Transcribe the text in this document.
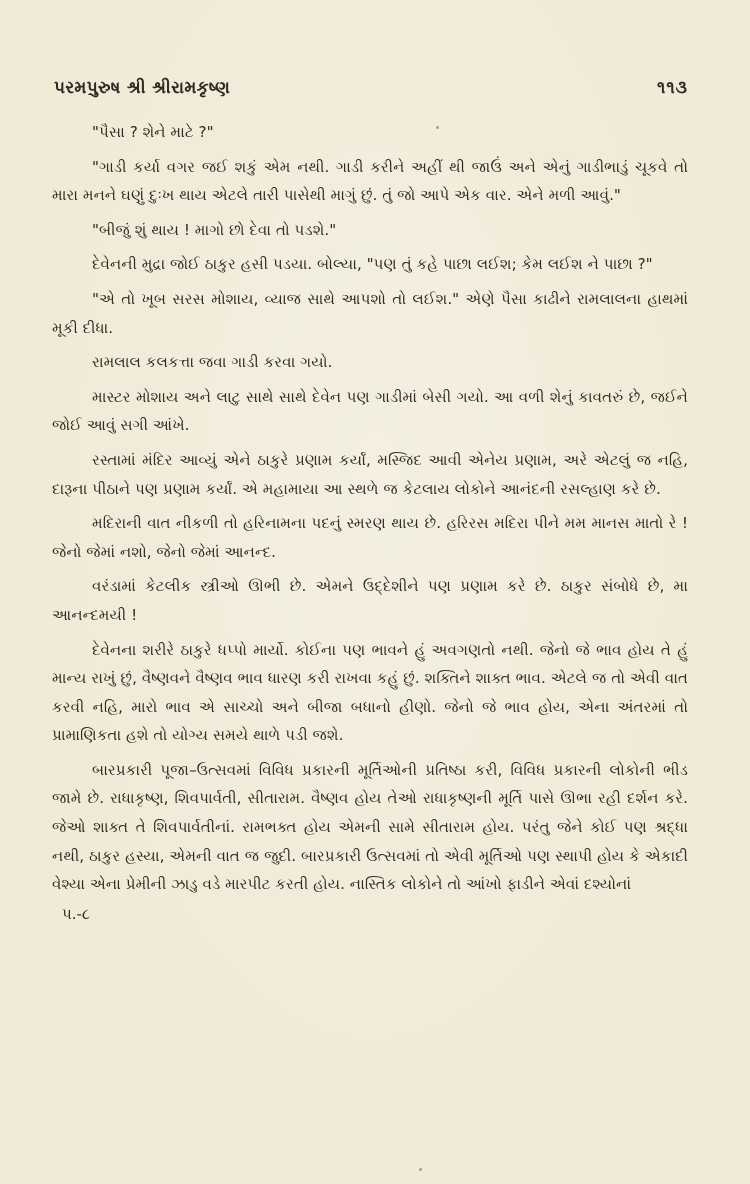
પરમપુરુષ શ્રી શ્રીરામકૃષ્ણ	૧૧૩

"પૈસા ? શેને માટે ?"

"ગાડી કર્યા વગર જઈ શકું એમ નથી. ગાડી કરીને અહીં થી જાઉં અને એનું ગાડીભાડું ચૂકવે તો મારા મનને ઘણું દુઃખ થાય એટલે તારી પાસેથી માગું છું. તું જો આપે એક વાર. એને મળી આવું."

"બીજું શું થાય ! માગો છો દેવા તો પડશે."

દેવેનની મુદ્રા જોઈ ઠાકુર હસી પડયા. બોલ્યા, "પણ તું કહે પાછા લઈશ; કેમ લઈશ ને પાછા ?"

"એ તો ખૂબ સરસ મોશાય, વ્યાજ સાથે આપશો તો લઈશ." એણે પૈસા કાઢીને રામલાલના હાથમાં મૂકી દીધા.

રામલાલ કલકત્તા જવા ગાડી કરવા ગયો.

માસ્ટર મોશાય અને લાટુ સાથે સાથે દેવેન પણ ગાડીમાં બેસી ગયો. આ વળી શેનું કાવતરું છે, જઈને જોઈ આવું સગી આંખે.

રસ્તામાં મંદિર આવ્યું એને ઠાકુરે પ્રણામ કર્યાં, મસ્જિદ આવી એનેય પ્રણામ, અરે એટલું જ નહિ, દારૂના પીઠાને પણ પ્રણામ કર્યાં. એ મહામાયા આ સ્થળે જ કેટલાય લોકોને આનંદની રસલ્હાણ કરે છે.

મદિરાની વાત નીકળી તો હરિનામના પદનું સ્મરણ થાય છે. હરિરસ મદિરા પીને મમ માનસ માતો રે ! જેનો જેમાં નશો, જેનો જેમાં આનન્દ.

વરંડામાં કેટલીક સ્ત્રીઓ ઊભી છે. એમને ઉદ્દેશીને પણ પ્રણામ કરે છે. ઠાકુર સંબોધે છે, મા આનન્દમયી !

દેવેનના શરીરે ઠાકુરે ધપ્પો માર્યો. કોઈના પણ ભાવને હું અવગણતો નથી. જેનો જે ભાવ હોય તે હું માન્ય રાખું છું, વૈષ્ણવને વૈષ્ણવ ભાવ ધારણ કરી રાખવા કહું છું. શક્તિને શાક્ત ભાવ. એટલે જ તો એવી વાત કરવી નહિ, મારો ભાવ એ સાચ્ચો અને બીજા બધાનો હીણો. જેનો જે ભાવ હોય, એના અંતરમાં તો પ્રામાણિકતા હશે તો યોગ્ય સમયે થાળે પડી જશે.

બારપ્રકારી પૂજા–ઉત્સવમાં વિવિધ પ્રકારની મૂર્તિઓની પ્રતિષ્ઠા કરી, વિવિધ પ્રકારની લોકોની ભીડ જામે છે. રાધાકૃષ્ણ, શિવપાર્વતી, સીતારામ. વૈષ્ણવ હોય તેઓ રાધાકૃષ્ણની મૂર્તિ પાસે ઊભા રહી દર્શન કરે. જેઓ શાક્ત તે શિવપાર્વતીનાં. રામભક્ત હોય એમની સામે સીતારામ હોય. પરંતુ જેને કોઈ પણ શ્રદ્ધા નથી, ઠાકુર હસ્યા, એમની વાત જ જુદી. બારપ્રકારી ઉત્સવમાં તો એવી મૂર્તિઓ પણ સ્થાપી હોય કે એકાદી વેશ્યા એના પ્રેમીની ઝાડુ વડે મારપીટ કરતી હોય. નાસ્તિક લોકોને તો આંખો ફાડીને એવાં દશ્યોનાં

પ.-૮
